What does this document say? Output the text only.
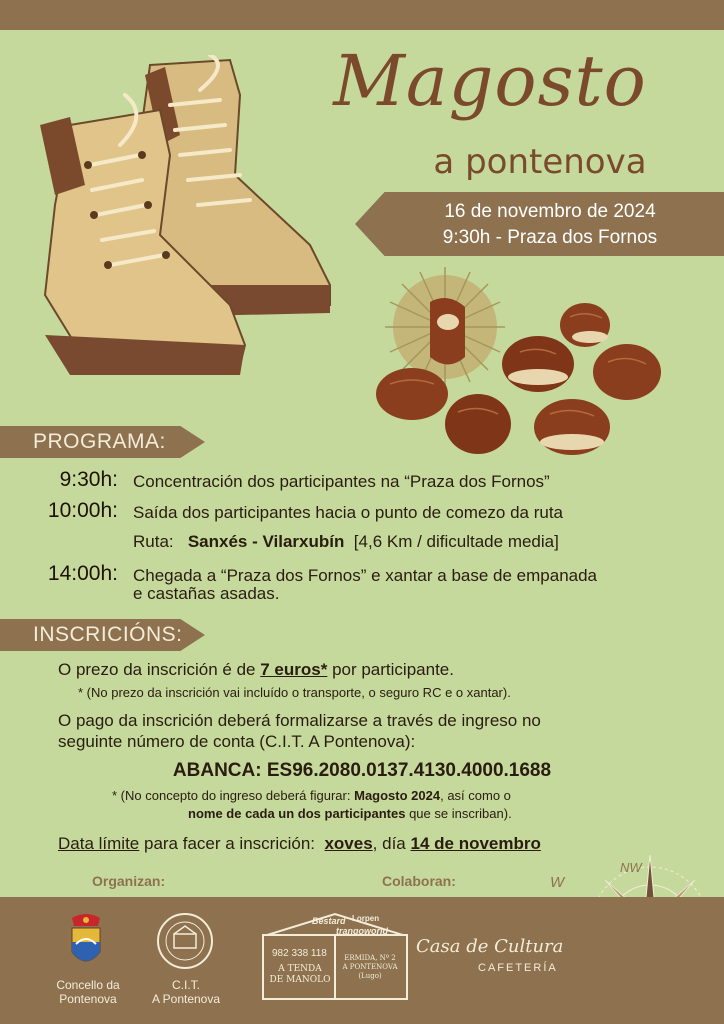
Magosto
a pontenova
16 de novembro de 2024
9:30h - Praza dos Fornos
PROGRAMA:
9:30h: Concentración dos participantes na “Praza dos Fornos”
10:00h: Saída dos participantes hacia o punto de comezo da ruta
Ruta: Sanxés - Vilarxubín [4,6 Km / dificultade media]
14:00h: Chegada a “Praza dos Fornos” e xantar a base de empanada
e castañas asadas.
INSCRICIÓNS:
O prezo da inscrición é de 7 euros* por participante.
* (No prezo da inscrición vai incluído o transporte, o seguro RC e o xantar).
O pago da inscrición deberá formalizarse a través de ingreso no
seguinte número de conta (C.I.T. A Pontenova):
ABANCA: ES96.2080.0137.4130.4000.1688
* (No concepto do ingreso deberá figurar: Magosto 2024, así como o
nome de cada un dos participantes que se inscriban).
Data límite para facer a inscrición: xoves, día 14 de novembro
Organizan:	Colaboran:
NW
W
Concello da
Pontenova
C.I.T.
A Pontenova
982 338 118
A TENDA
DE MANOLO
ERMIDA, Nº 2
A PONTENOVA (Lugo)
Bestard Lorpen
trangoworld
Casa de Cultura
CAFETERÍA
